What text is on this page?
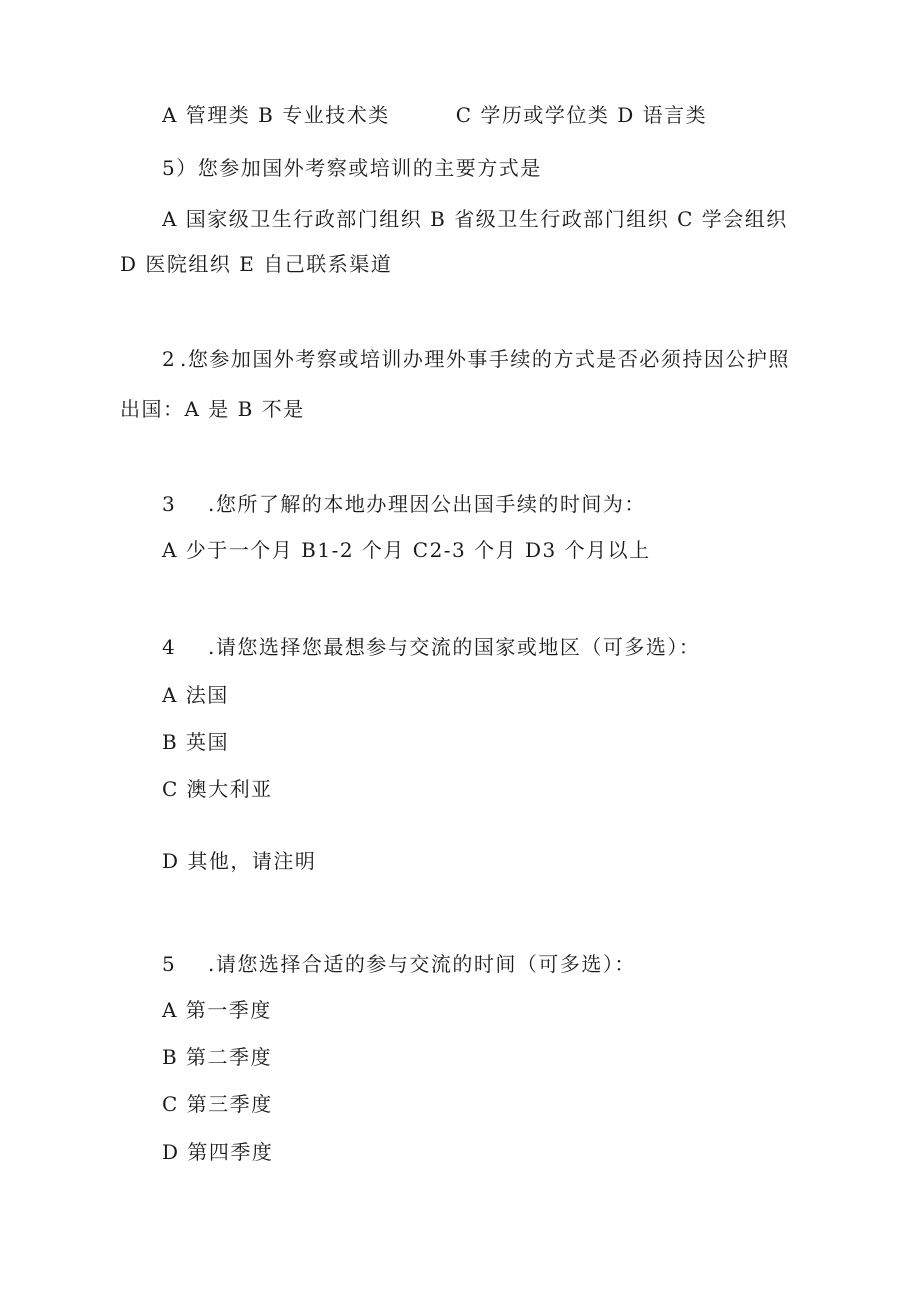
A 管理类 B 专业技术类	C 学历或学位类 D 语言类
5）您参加国外考察或培训的主要方式是
A 国家级卫生行政部门组织 B 省级卫生行政部门组织 C 学会组织
D 医院组织 E 自己联系渠道
2 .您参加国外考察或培训办理外事手续的方式是否必须持因公护照
出国：A 是 B 不是
3 .您所了解的本地办理因公出国手续的时间为：
A 少于一个月 B1-2 个月 C2-3 个月 D3 个月以上
4 .请您选择您最想参与交流的国家或地区（可多选）：
A 法国
B 英国
C 澳大利亚
D 其他，请注明
5 .请您选择合适的参与交流的时间（可多选）：
A 第一季度
B 第二季度
C 第三季度
D 第四季度
